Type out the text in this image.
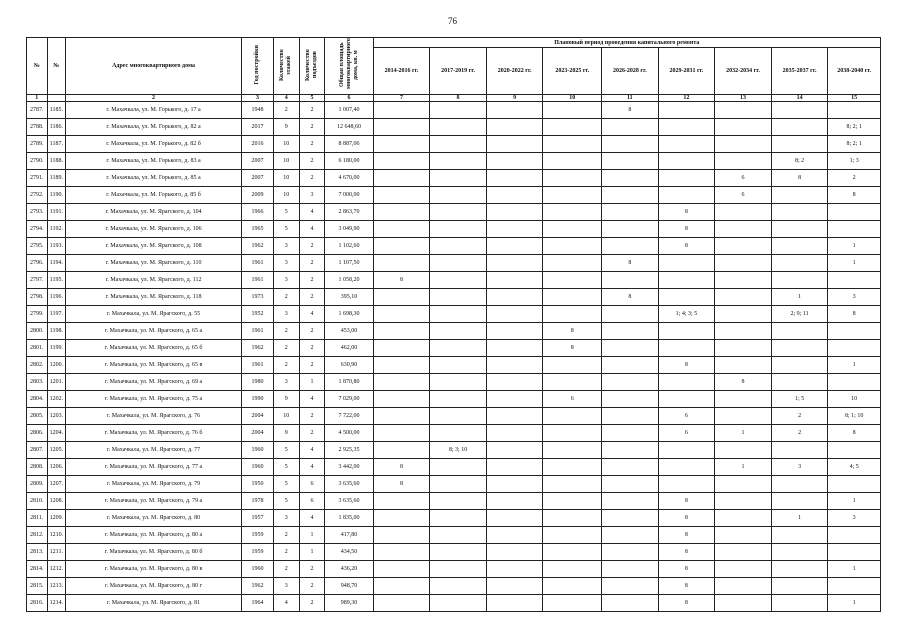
76
№	№	Адрес многоквартирного дома	Год постройки	Количество этажей	Количество подъездов	Общая площадь многоквартирного дома, кв. м	Плановый период проведения капитального ремонта								
							2014-2016 гг.	2017-2019 гг.	2020-2022 гг.	2023-2025 гг.	2026-2028 гг.	2029-2031 гг.	2032-2034 гг.	2035-2037 гг.	2038-2040 гг.
1		2	3	4	5	6	7	8	9	10	11	12	13	14	15
2787.	1185.	г. Махачкала, ул. М. Горького, д. 17 а	1948	2	2	1 007,40					8				
2788.	1186.	г. Махачкала, ул. М. Горького, д. 82 а	2017	9	2	12 648,60									8; 2; 1
2789.	1187.	г. Махачкала, ул. М. Горького, д. 82 б	2016	10	2	8 887,06									8; 2; 1
2790.	1188.	г. Махачкала, ул. М. Горького, д. 83 а	2007	10	2	6 180,00								8; 2	1; 3
2791.	1189.	г. Махачкала, ул. М. Горького, д. 85 а	2007	10	2	4 670,00							6	8	2
2792.	1190.	г. Махачкала, ул. М. Горького, д. 85 б	2009	10	3	7 000,00							6		8
2793.	1191.	г. Махачкала, ул. М. Ярагского, д. 104	1966	5	4	2 863,70						8			
2794.	1192.	г. Махачкала, ул. М. Ярагского, д. 106	1965	5	4	3 049,90						8			
2795.	1193.	г. Махачкала, ул. М. Ярагского, д. 108	1962	3	2	1 102,60						8			1
2796.	1194.	г. Махачкала, ул. М. Ярагского, д. 110	1961	3	2	1 107,50					8				1
2797.	1195.	г. Махачкала, ул. М. Ярагского, д. 112	1961	3	2	1 058,20	8								
2798.	1196.	г. Махачкала, ул. М. Ярагского, д. 118	1973	2	2	395,10					8			1	3
2799.	1197.	г. Махачкала, ул. М. Ярагского, д. 55	1952	3	4	1 698,30						1; 4; 3; 5		2; 9; 11	8
2800.	1198.	г. Махачкала, ул. М. Ярагского, д. 65 а	1961	2	2	453,00				8					
2801.	1199.	г. Махачкала, ул. М. Ярагского, д. 65 б	1962	2	2	462,00				8					
2802.	1200.	г. Махачкала, ул. М. Ярагского, д. 65 в	1961	2	2	630,90						8			1
2803.	1201.	г. Махачкала, ул. М. Ярагского, д. 69 а	1980	3	1	1 870,80							8		
2804.	1202.	г. Махачкала, ул. М. Ярагского, д. 75 а	1990	9	4	7 029,00				6				1; 5	10
2805.	1203.	г. Махачкала, ул. М. Ярагского, д. 76	2004	10	2	7 722,00						6		2	8; 1; 10
2806.	1204.	г. Махачкала, ул. М. Ярагского, д. 76 б	2004	9	2	4 500,00						6	1	2	8
2807.	1205.	г. Махачкала, ул. М. Ярагского, д. 77	1960	5	4	2 925,35		8; 3; 10							
2808.	1206.	г. Махачкала, ул. М. Ярагского, д. 77 а	1960	5	4	3 442,00	8						1	3	4; 5
2809.	1207.	г. Махачкала, ул. М. Ярагского, д. 79	1950	5	6	3 635,60	8								
2810.	1208.	г. Махачкала, ул. М. Ярагского, д. 79 а	1978	5	6	3 635,60						8			1
2811.	1209.	г. Махачкала, ул. М. Ярагского, д. 80	1957	3	4	1 835,00						8		1	3
2812.	1210.	г. Махачкала, ул. М. Ярагского, д. 80 а	1959	2	1	417,80						8			
2813.	1211.	г. Махачкала, ул. М. Ярагского, д. 80 б	1959	2	1	434,50						8			
2814.	1212.	г. Махачкала, ул. М. Ярагского, д. 80 в	1960	2	2	436,20						8			1
2815.	1213.	г. Махачкала, ул. М. Ярагского, д. 80 г	1962	3	2	948,70						8			
2816.	1214.	г. Махачкала, ул. М. Ярагского, д. 81	1964	4	2	989,30						8			1
